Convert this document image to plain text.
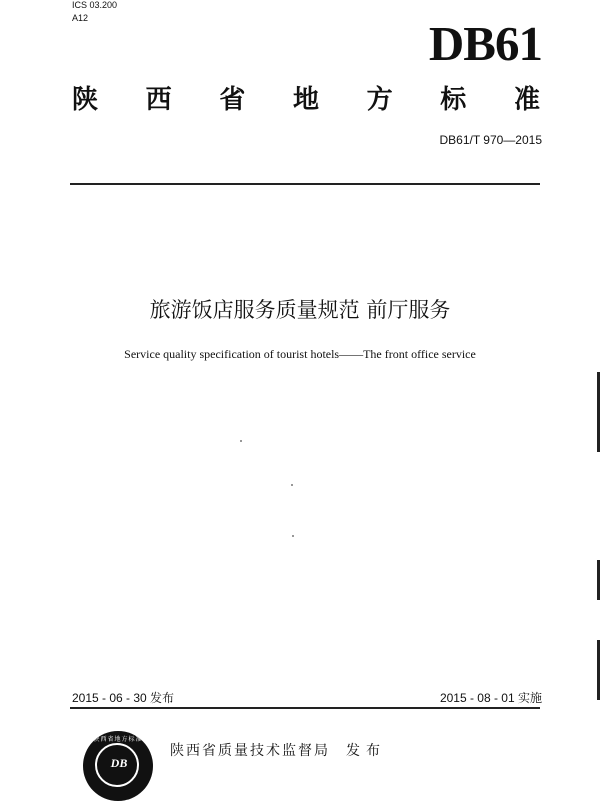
ICS 03.200
A12	DB61
陕 西 省 地 方 标 准
DB61/T 970—2015
旅游饭店服务质量规范 前厅服务
Service quality specification of tourist hotels——The front office service
2015 - 06 - 30 发布	2015 - 08 - 01 实施
陕西省地方标准
DB
陕西省质量技术监督局 发布
